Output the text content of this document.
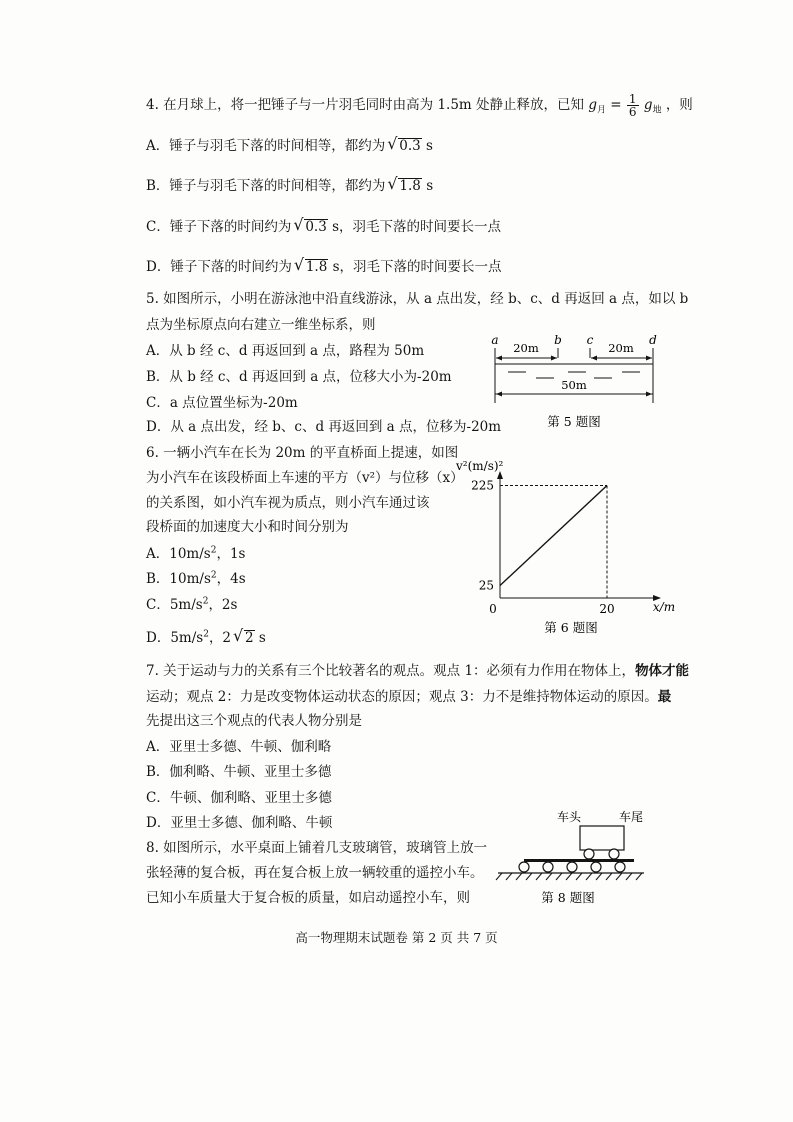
4. 在月球上，将一把锤子与一片羽毛同时由高为 1.5m 处静止释放，已知 $g_月 = \frac{1}{6} g_地$ ，则
A．锤子与羽毛下落的时间相等，都约为 √ 0.3 s
B．锤子与羽毛下落的时间相等，都约为 √ 1.8 s
C．锤子下落的时间约为 √ 0.3 s，羽毛下落的时间要长一点
D．锤子下落的时间约为 √ 1.8 s，羽毛下落的时间要长一点
5. 如图所示，小明在游泳池中沿直线游泳，从 a 点出发，经 b、c、d 再返回 a 点，如以 b
点为坐标原点向右建立一维坐标系，则
A．从 b 经 c、d 再返回到 a 点，路程为 50m
B．从 b 经 c、d 再返回到 a 点，位移大小为-20m
C．a 点位置坐标为-20m
D．从 a 点出发，经 b、c、d 再返回到 a 点，位移为-20m
a	b c	d
20m	20m
50m
第 5 题图
6. 一辆小汽车在长为 20m 的平直桥面上提速，如图
为小汽车在该段桥面上车速的平方（v²）与位移（x）
的关系图，如小汽车视为质点，则小汽车通过该
段桥面的加速度大小和时间分别为
A．$10m/s^2$，1s
B．$10m/s^2$，4s
C．$5m/s^2$，2s
D．$5m/s^2$，2 √ 2 s
25
225
20
v²(m/s)²
x/m
0
第 6 题图
7. 关于运动与力的关系有三个比较著名的观点。观点 1：必须有力作用在物体上，物体才能
运动；观点 2：力是改变物体运动状态的原因；观点 3：力不是维持物体运动的原因。最
先提出这三个观点的代表人物分别是
A．亚里士多德、牛顿、伽利略
B．伽利略、牛顿、亚里士多德
C．牛顿、伽利略、亚里士多德
D．亚里士多德、伽利略、牛顿
8. 如图所示，水平桌面上铺着几支玻璃管，玻璃管上放一
张轻薄的复合板，再在复合板上放一辆较重的遥控小车。
已知小车质量大于复合板的质量，如启动遥控小车，则
车头	车尾
第 8 题图
高一物理期末试题卷 第 2 页 共 7 页
